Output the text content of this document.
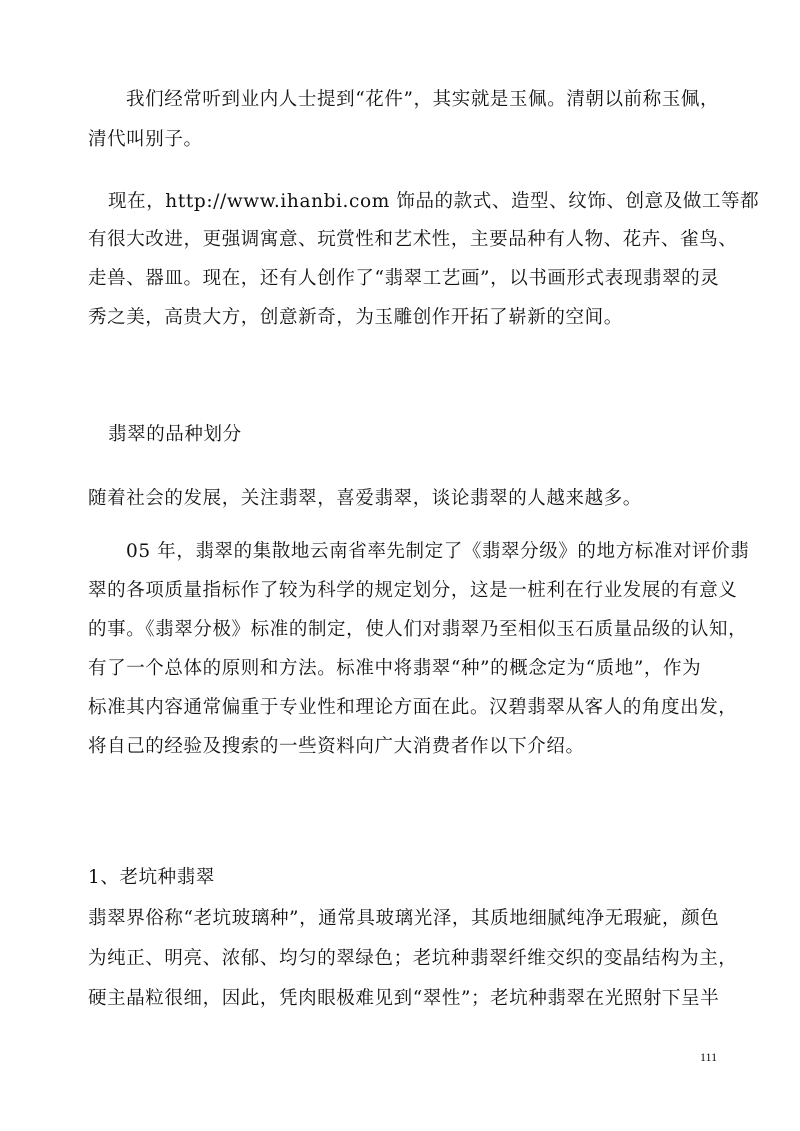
我们经常听到业内人士提到“花件”，其实就是玉佩。清朝以前称玉佩，
清代叫别子。
现在，http://www.ihanbi.com 饰品的款式、造型、纹饰、创意及做工等都
有很大改进，更强调寓意、玩赏性和艺术性，主要品种有人物、花卉、雀鸟、
走兽、器皿。现在，还有人创作了“翡翠工艺画”，以书画形式表现翡翠的灵
秀之美，高贵大方，创意新奇，为玉雕创作开拓了崭新的空间。
翡翠的品种划分
随着社会的发展，关注翡翠，喜爱翡翠，谈论翡翠的人越来越多。
05 年，翡翠的集散地云南省率先制定了《翡翠分级》的地方标准对评价翡
翠的各项质量指标作了较为科学的规定划分，这是一桩利在行业发展的有意义
的事。《翡翠分极》标准的制定，使人们对翡翠乃至相似玉石质量品级的认知，
有了一个总体的原则和方法。标准中将翡翠“种”的概念定为“质地”，作为
标准其内容通常偏重于专业性和理论方面在此。汉碧翡翠从客人的角度出发，
将自己的经验及搜索的一些资料向广大消费者作以下介绍。
1、老坑种翡翠
翡翠界俗称“老坑玻璃种”，通常具玻璃光泽，其质地细腻纯净无瑕疵，颜色
为纯正、明亮、浓郁、均匀的翠绿色；老坑种翡翠纤维交织的变晶结构为主，
硬主晶粒很细，因此，凭肉眼极难见到“翠性”；老坑种翡翠在光照射下呈半
111
